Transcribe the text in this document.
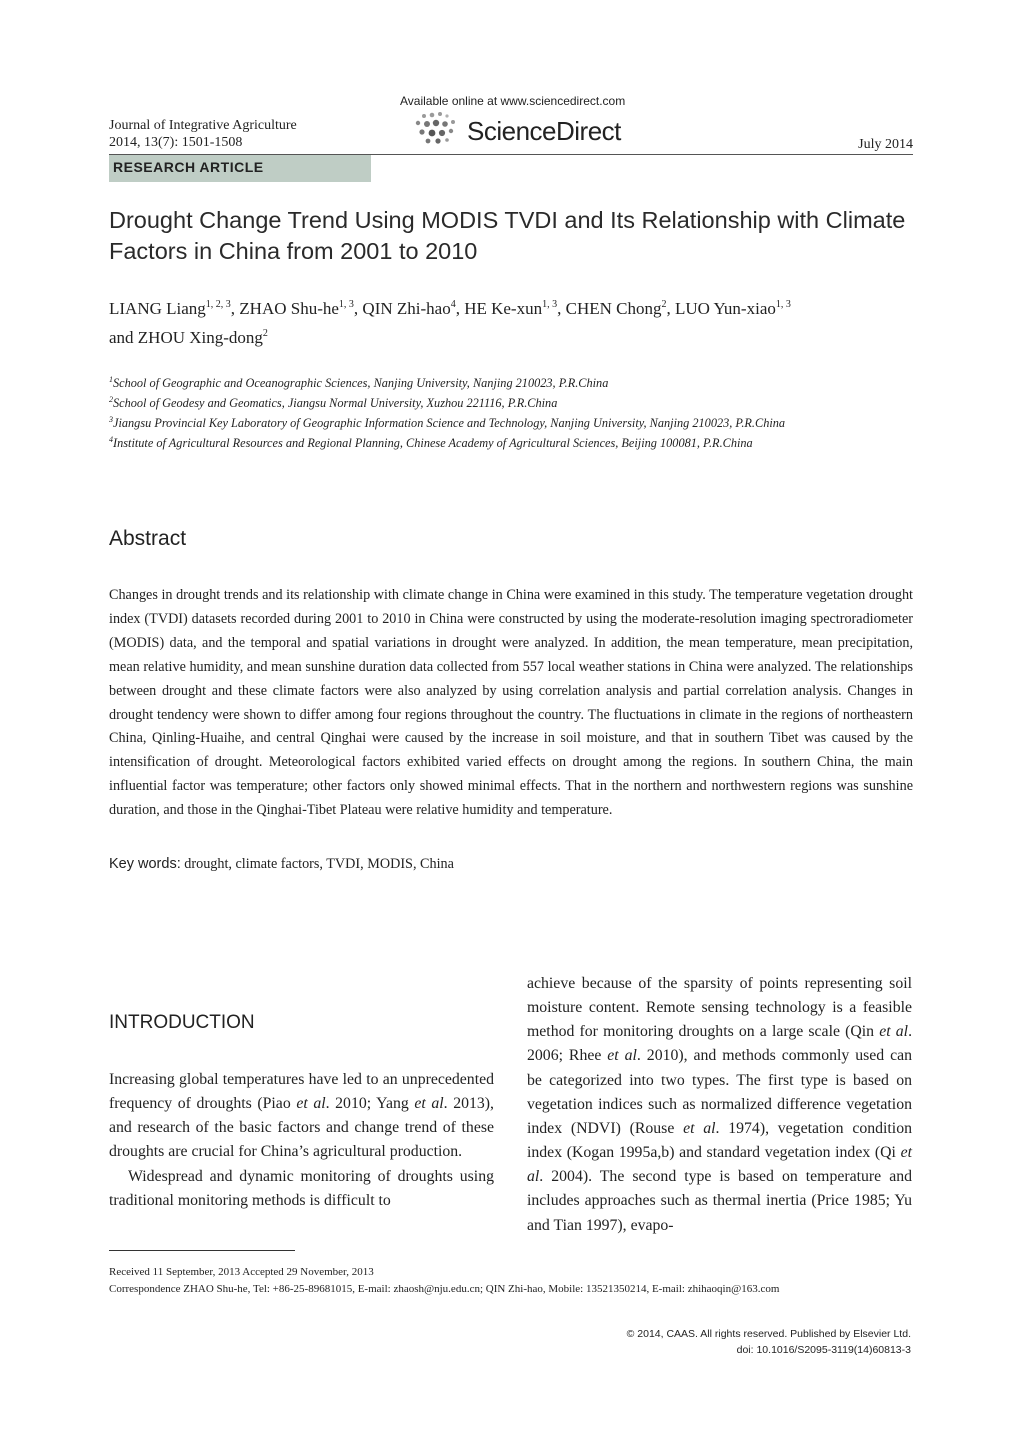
Available online at www.sciencedirect.com
Journal of Integrative Agriculture
2014, 13(7): 1501-1508	ScienceDirect	July 2014
RESEARCH ARTICLE
Drought Change Trend Using MODIS TVDI and Its Relationship with Climate Factors in China from 2001 to 2010
LIANG Liang$^{1, 2, 3}$, ZHAO Shu-he$^{1, 3}$, QIN Zhi-hao$^4$, HE Ke-xun$^{1, 3}$, CHEN Chong$^2$, LUO Yun-xiao$^{1, 3}$
and ZHOU Xing-dong$^2$
$^1$School of Geographic and Oceanographic Sciences, Nanjing University, Nanjing 210023, P.R.China
$^2$School of Geodesy and Geomatics, Jiangsu Normal University, Xuzhou 221116, P.R.China
$^3$Jiangsu Provincial Key Laboratory of Geographic Information Science and Technology, Nanjing University, Nanjing 210023, P.R.China
$^4$Institute of Agricultural Resources and Regional Planning, Chinese Academy of Agricultural Sciences, Beijing 100081, P.R.China
Abstract
Changes in drought trends and its relationship with climate change in China were examined in this study. The temperature vegetation drought index (TVDI) datasets recorded during 2001 to 2010 in China were constructed by using the moderate-resolution imaging spectroradiometer (MODIS) data, and the temporal and spatial variations in drought were analyzed. In addition, the mean temperature, mean precipitation, mean relative humidity, and mean sunshine duration data collected from 557 local weather stations in China were analyzed. The relationships between drought and these climate factors were also analyzed by using correlation analysis and partial correlation analysis. Changes in drought tendency were shown to differ among four regions throughout the country. The fluctuations in climate in the regions of northeastern China, Qinling-Huaihe, and central Qinghai were caused by the increase in soil moisture, and that in southern Tibet was caused by the intensification of drought. Meteorological factors exhibited varied effects on drought among the regions. In southern China, the main influential factor was temperature; other factors only showed minimal effects. That in the northern and northwestern regions was sunshine duration, and those in the Qinghai-Tibet Plateau were relative humidity and temperature.
Key words: drought, climate factors, TVDI, MODIS, China
INTRODUCTION

Increasing global temperatures have led to an unprecedented frequency of droughts (Piao et al. 2010; Yang et al. 2013), and research of the basic factors and change trend of these droughts are crucial for China’s agricultural production.

Widespread and dynamic monitoring of droughts using traditional monitoring methods is difficult to

achieve because of the sparsity of points representing soil moisture content. Remote sensing technology is a feasible method for monitoring droughts on a large scale (Qin et al. 2006; Rhee et al. 2010), and methods commonly used can be categorized into two types. The first type is based on vegetation indices such as normalized difference vegetation index (NDVI) (Rouse et al. 1974), vegetation condition index (Kogan 1995a,b) and standard vegetation index (Qi et al. 2004). The second type is based on temperature and includes approaches such as thermal inertia (Price 1985; Yu and Tian 1997), evapo-

Received 11 September, 2013 Accepted 29 November, 2013
Correspondence ZHAO Shu-he, Tel: +86-25-89681015, E-mail: zhaosh@nju.edu.cn; QIN Zhi-hao, Mobile: 13521350214, E-mail: zhihaoqin@163.com
© 2014, CAAS. All rights reserved. Published by Elsevier Ltd.
doi: 10.1016/S2095-3119(14)60813-3
